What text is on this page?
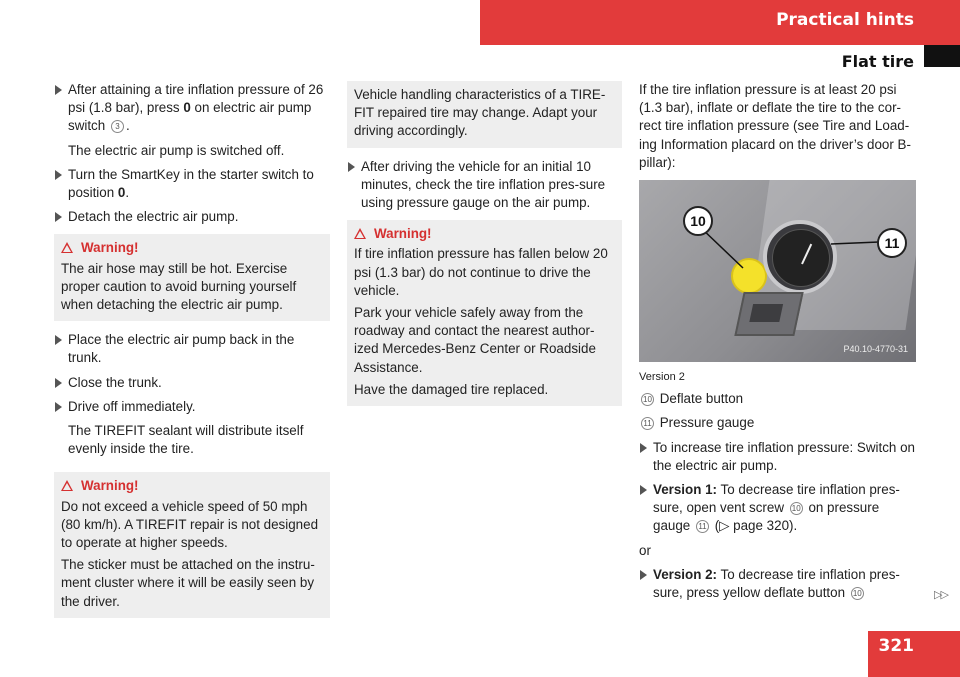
Practical hints
Flat tire
After attaining a tire inflation pressure of 26 psi (1.8 bar), press 0 on electric air pump switch 3 .
The electric air pump is switched off.
Turn the SmartKey in the starter switch to position 0.
Detach the electric air pump.
Warning!

The air hose may still be hot. Exercise proper caution to avoid burning yourself when detaching the electric air pump.

Place the electric air pump back in the trunk.
Close the trunk.
Drive off immediately.
The TIREFIT sealant will distribute itself evenly inside the tire.
Warning!

Do not exceed a vehicle speed of 50 mph (80 km/h). A TIREFIT repair is not designed to operate at higher speeds.

The sticker must be attached on the instru-ment cluster where it will be easily seen by the driver.

Vehicle handling characteristics of a TIRE-FIT repaired tire may change. Adapt your driving accordingly.

After driving the vehicle for an initial 10 minutes, check the tire inflation pres-sure using pressure gauge on the air pump.
Warning!

If tire inflation pressure has fallen below 20 psi (1.3 bar) do not continue to drive the vehicle.

Park your vehicle safely away from the roadway and contact the nearest author-ized Mercedes-Benz Center or Roadside Assistance.

Have the damaged tire replaced.

If the tire inflation pressure is at least 20 psi (1.3 bar), inflate or deflate the tire to the cor-rect tire inflation pressure (see Tire and Load-ing Information placard on the driver’s door B-pillar):
10
11
P40.10-4770-31
Version 2
10 Deflate button
11 Pressure gauge
To increase tire inflation pressure: Switch on the electric air pump.
Version 1: To decrease tire inflation pres-sure, open vent screw 10 on pressure gauge 11 (▷ page 320).
or
Version 2: To decrease tire inflation pres-sure, press yellow deflate button 10	▷▷
321
